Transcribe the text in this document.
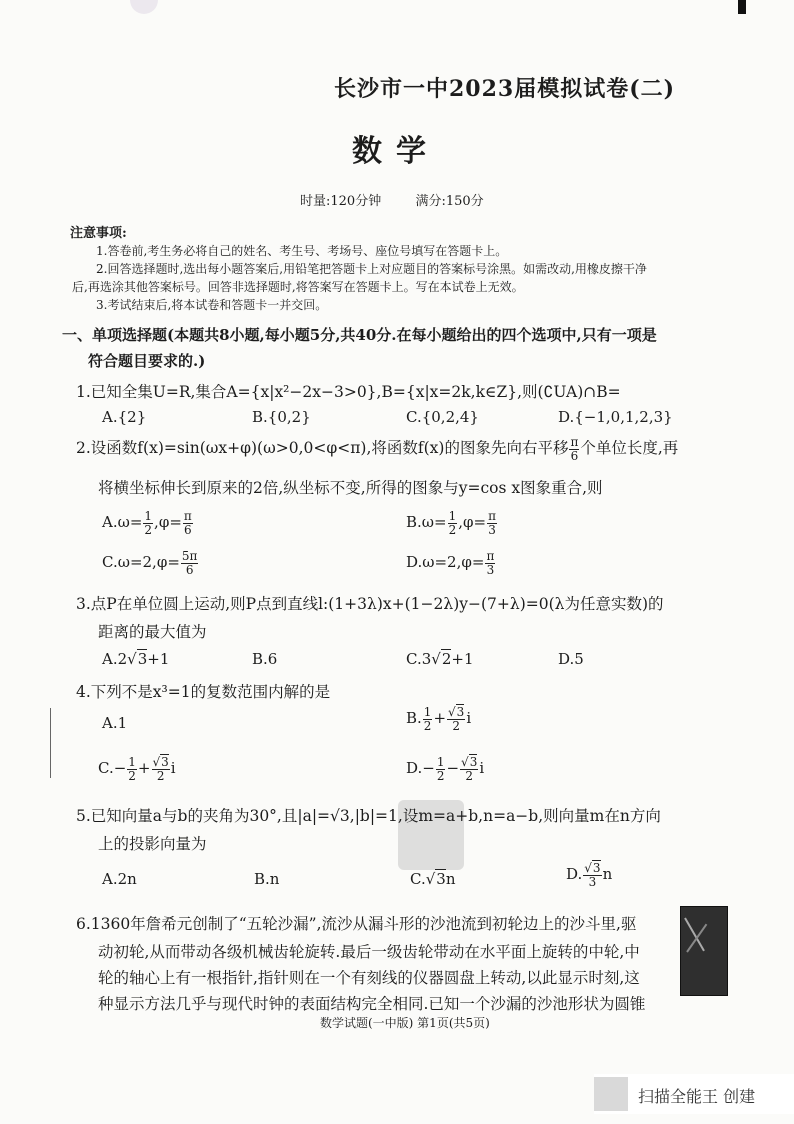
长沙市一中2023届模拟试卷(二)
数学
时量:120分钟	满分:150分
注意事项:
1.答卷前,考生务必将自己的姓名、考生号、考场号、座位号填写在答题卡上。
2.回答选择题时,选出每小题答案后,用铅笔把答题卡上对应题目的答案标号涂黑。如需改动,用橡皮擦干净
后,再选涂其他答案标号。回答非选择题时,将答案写在答题卡上。写在本试卷上无效。
3.考试结束后,将本试卷和答题卡一并交回。
一、单项选择题(本题共8小题,每小题5分,共40分.在每小题给出的四个选项中,只有一项是
符合题目要求的.)
1.已知全集U=R,集合A={x|x²−2x−3>0},B={x|x=2k,k∈Z},则(∁UA)∩B=
A.{2}	B.{0,2}	C.{0,2,4}	D.{−1,0,1,2,3}
2.设函数f(x)=sin(ωx+φ)(ω>0,0<φ<π),将函数f(x)的图象先向右平移 $\frac{\pi}{6}$ 个单位长度,再
将横坐标伸长到原来的2倍,纵坐标不变,所得的图象与y=cos x图象重合,则
$A.\omega= \frac{1}{2} ,\varphi= \frac{\pi}{6}$	$B.\omega= \frac{1}{2} ,\varphi= \frac{\pi}{3}$
$C.\omega=2,\varphi= \frac{5\pi}{6}$	$D.\omega=2,\varphi= \frac{\pi}{3}$
3.点P在单位圆上运动,则P点到直线l:(1+3λ)x+(1−2λ)y−(7+λ)=0(λ为任意实数)的
距离的最大值为
A.2√3+1	B.6	C.3√2+1	D.5
4.下列不是x³=1的复数范围内解的是
A.1	B. $\frac{1}{2} + \frac{√3}{2}$ i
$C.- \frac{1}{2} + \frac{√3}{2}$ i	$D.- \frac{1}{2} - \frac{√3}{2}$ i
5.已知向量a与b的夹角为30°,且|a|=√3,|b|=1,设m=a+b,n=a−b,则向量m在n方向
上的投影向量为
A.2n	B.n	C.√3n	D. $\frac{√3}{3}$ n
6.1360年詹希元创制了“五轮沙漏”,流沙从漏斗形的沙池流到初轮边上的沙斗里,驱
动初轮,从而带动各级机械齿轮旋转.最后一级齿轮带动在水平面上旋转的中轮,中
轮的轴心上有一根指针,指针则在一个有刻线的仪器圆盘上转动,以此显示时刻,这
种显示方法几乎与现代时钟的表面结构完全相同.已知一个沙漏的沙池形状为圆锥
数学试题(一中版) 第1页(共5页)
扫描全能王 创建
